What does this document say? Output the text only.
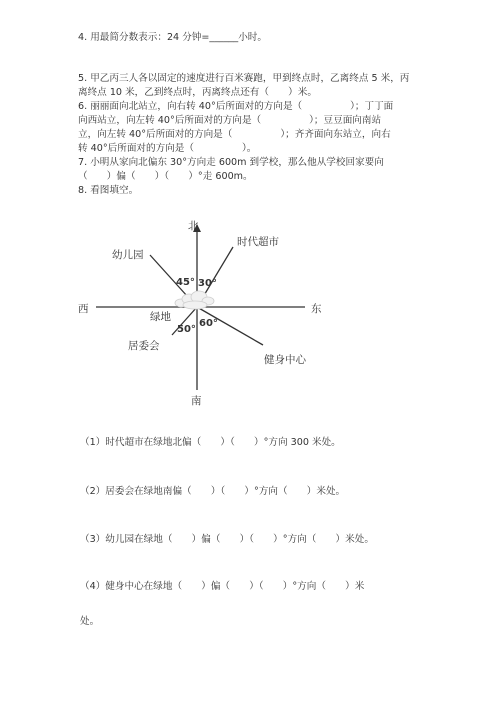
4. 用最简分数表示：24 分钟=______小时。
5. 甲乙丙三人各以固定的速度进行百米赛跑，甲到终点时，乙离终点 5 米，丙
离终点 10 米，乙到终点时，丙离终点还有（　　）米。
6. 丽丽面向北站立，向右转 40°后所面对的方向是（　　　　　）；丁丁面
向西站立，向左转 40°后所面对的方向是（　　　　　）；豆豆面向南站
立，向左转 40°后所面对的方向是（　　　　　）；齐齐面向东站立，向右
转 40°后所面对的方向是（　　　　　）。
7. 小明从家向北偏东 30°方向走 600m 到学校，那么他从学校回家要向
（　　）偏（　　）（　　）°走 600m。
8. 看图填空。
北
南
东
西
绿地
幼儿园
时代超市
居委会
健身中心
45° 30°
50°
60°
（1）时代超市在绿地北偏（　　）（　　）°方向 300 米处。
（2）居委会在绿地南偏（　　）（　　）°方向（　　）米处。
（3）幼儿园在绿地（　　）偏（　　）（　　）°方向（　　）米处。
（4）健身中心在绿地（　　）偏（　　）（　　）°方向（　　）米
处。
